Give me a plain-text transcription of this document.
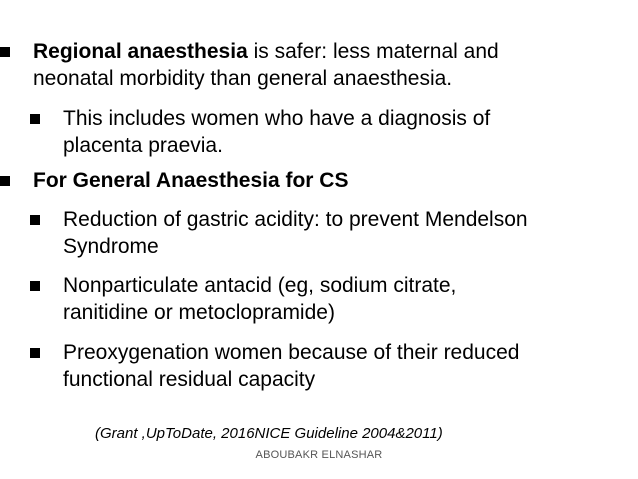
Regional anaesthesia is safer: less maternal and
neonatal morbidity than general anaesthesia.
This includes women who have a diagnosis of
placenta praevia.
For General Anaesthesia for CS
Reduction of gastric acidity: to prevent Mendelson
Syndrome
Nonparticulate antacid (eg, sodium citrate,
ranitidine or metoclopramide)
Preoxygenation women because of their reduced
functional residual capacity
(Grant ,UpToDate, 2016NICE Guideline 2004&2011)
ABOUBAKR ELNASHAR
